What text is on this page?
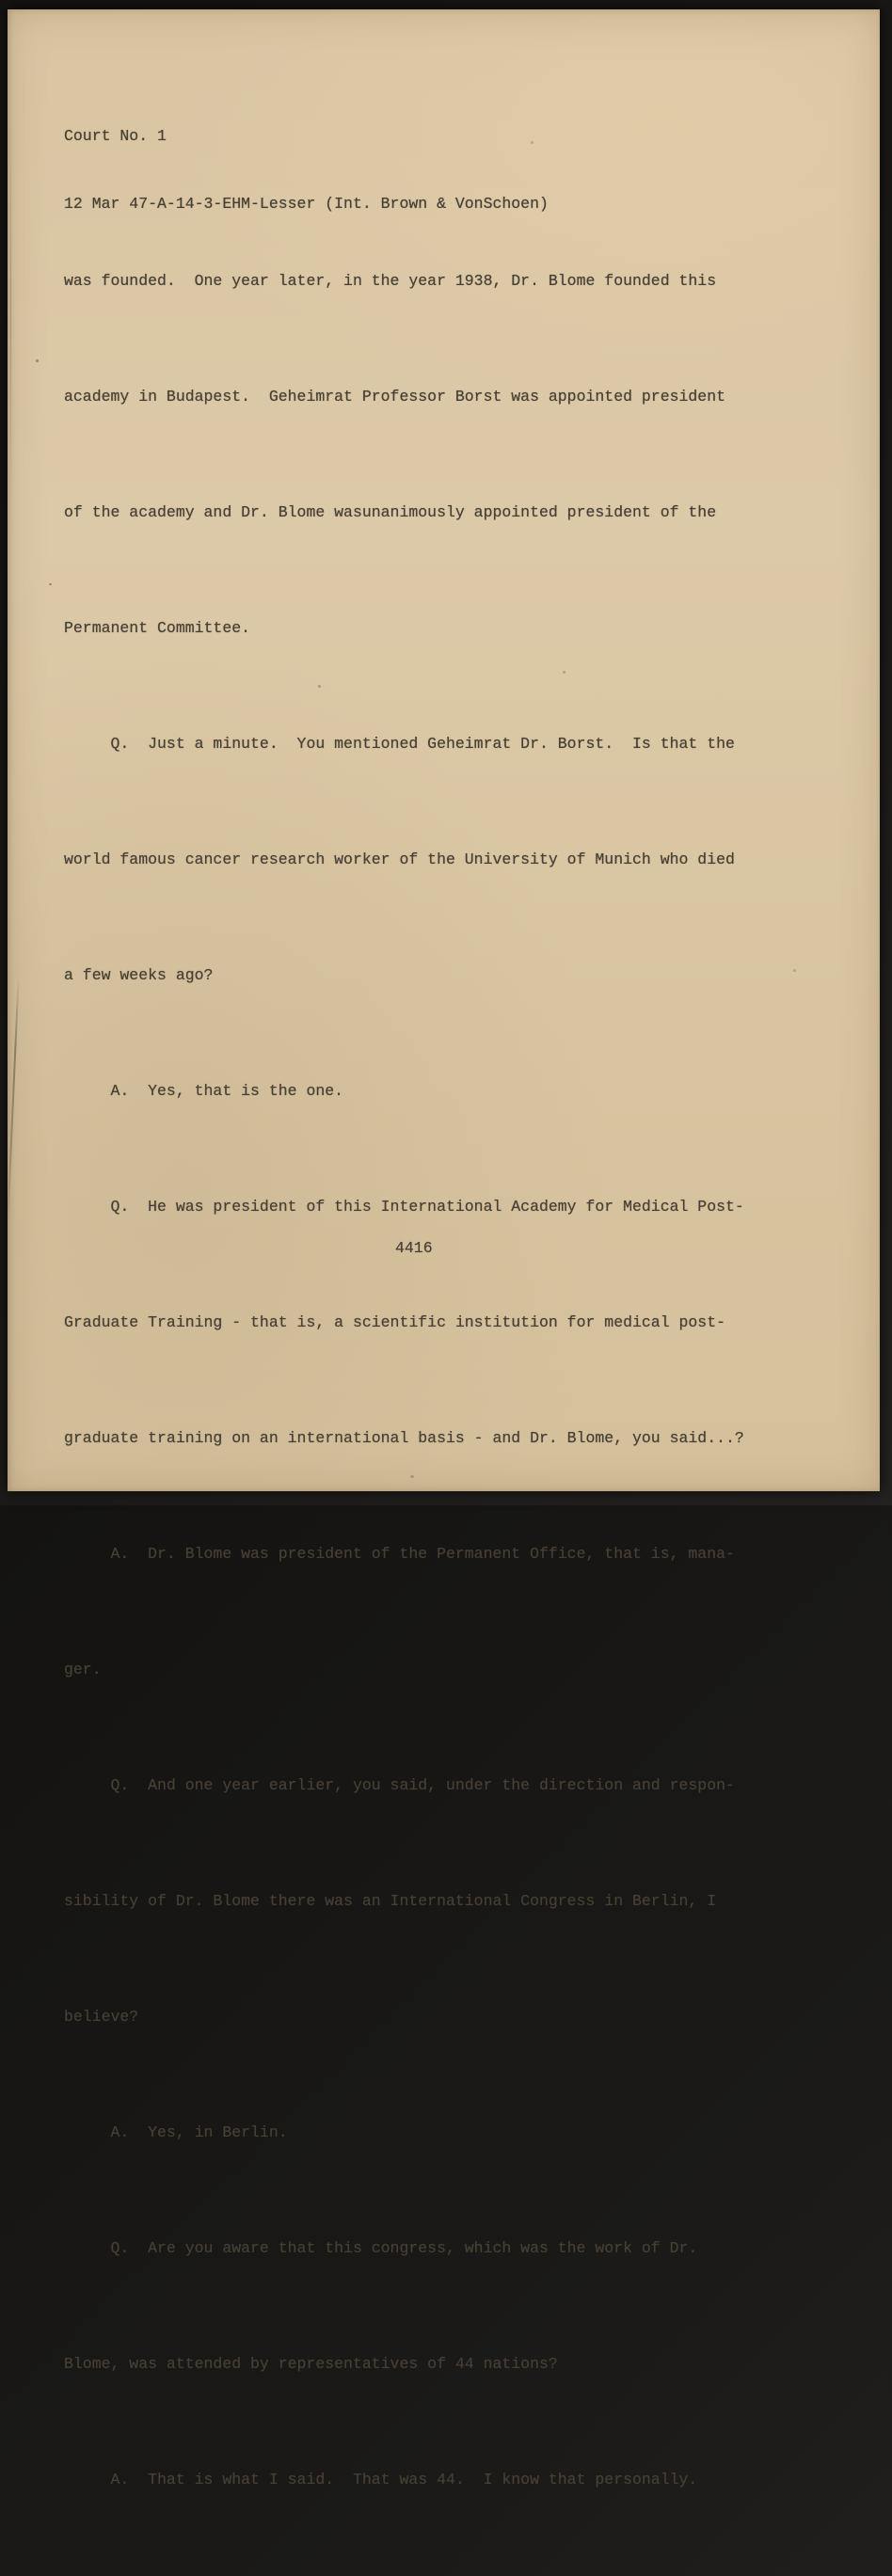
Court No. 1

12 Mar 47-A-14-3-EHM-Lesser (Int. Brown & VonSchoen)

was founded.  One year later, in the year 1938, Dr. Blome founded this

academy in Budapest.  Geheimrat Professor Borst was appointed president

of the academy and Dr. Blome wasunanimously appointed president of the

Permanent Committee.

Q.  Just a minute.  You mentioned Geheimrat Dr. Borst.  Is that the

world famous cancer research worker of the University of Munich who died

a few weeks ago?

A.  Yes, that is the one.

Q.  He was president of this International Academy for Medical Post-

Graduate Training - that is, a scientific institution for medical post-

graduate training on an international basis - and Dr. Blome, you said...?

A.  Dr. Blome was president of the Permanent Office, that is, mana-

ger.

Q.  And one year earlier, you said, under the direction and respon-

sibility of Dr. Blome there was an International Congress in Berlin, I

believe?

A.  Yes, in Berlin.

Q.  Are you aware that this congress, which was the work of Dr.

Blome, was attended by representatives of 44 nations?

A.  That is what I said.  That was 44.  I know that personally.

4416
